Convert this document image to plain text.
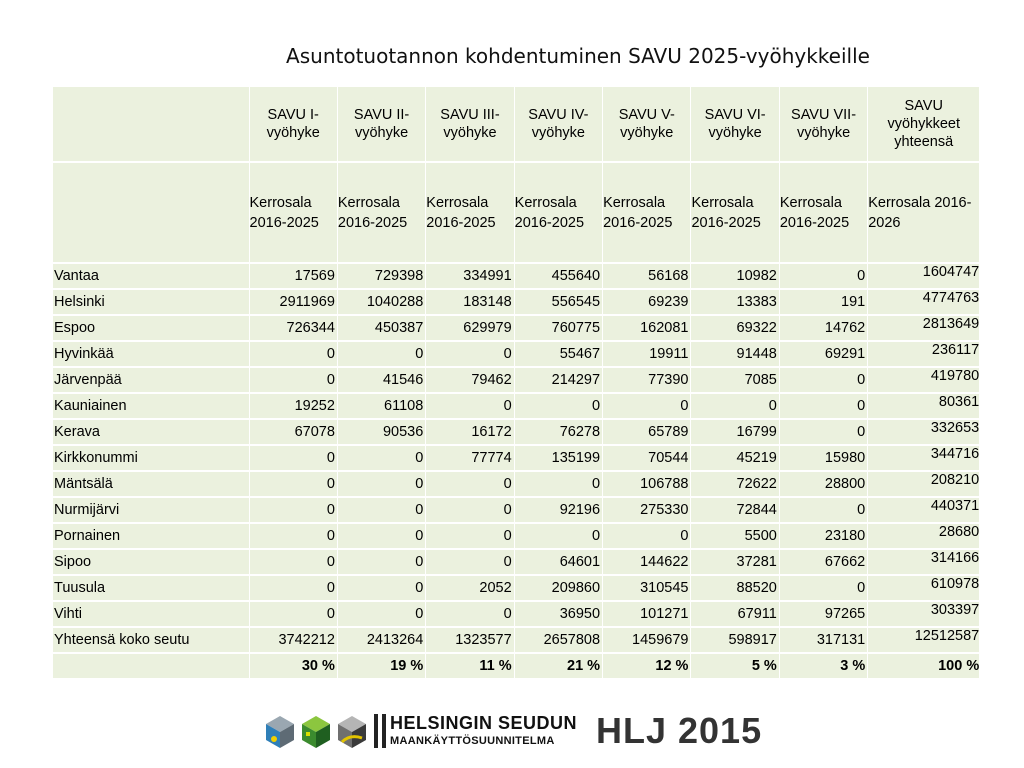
Asuntotuotannon kohdentuminen SAVU 2025-vyöhykkeille
	SAVU I-vyöhyke	SAVU II-vyöhyke	SAVU III-vyöhyke	SAVU IV-vyöhyke	SAVU V-vyöhyke	SAVU VI-vyöhyke	SAVU VII-vyöhyke	SAVU vyöhykkeet yhteensä
	Kerrosala 2016-2025	Kerrosala 2016-2025	Kerrosala 2016-2025	Kerrosala 2016-2025	Kerrosala 2016-2025	Kerrosala 2016-2025	Kerrosala 2016-2025	Kerrosala 2016-2026
Vantaa	17569	729398	334991	455640	56168	10982	0	1604747
Helsinki	2911969	1040288	183148	556545	69239	13383	191	4774763
Espoo	726344	450387	629979	760775	162081	69322	14762	2813649
Hyvinkää	0	0	0	55467	19911	91448	69291	236117
Järvenpää	0	41546	79462	214297	77390	7085	0	419780
Kauniainen	19252	61108	0	0	0	0	0	80361
Kerava	67078	90536	16172	76278	65789	16799	0	332653
Kirkkonummi	0	0	77774	135199	70544	45219	15980	344716
Mäntsälä	0	0	0	0	106788	72622	28800	208210
Nurmijärvi	0	0	0	92196	275330	72844	0	440371
Pornainen	0	0	0	0	0	5500	23180	28680
Sipoo	0	0	0	64601	144622	37281	67662	314166
Tuusula	0	0	2052	209860	310545	88520	0	610978
Vihti	0	0	0	36950	101271	67911	97265	303397
Yhteensä koko seutu	3742212	2413264	1323577	2657808	1459679	598917	317131	12512587
	30 %	19 %	11 %	21 %	12 %	5 %	3 %	100 %
HELSINGIN SEUDUN
MAANKÄYTTÖSUUNNITELMA HLJ 2015
